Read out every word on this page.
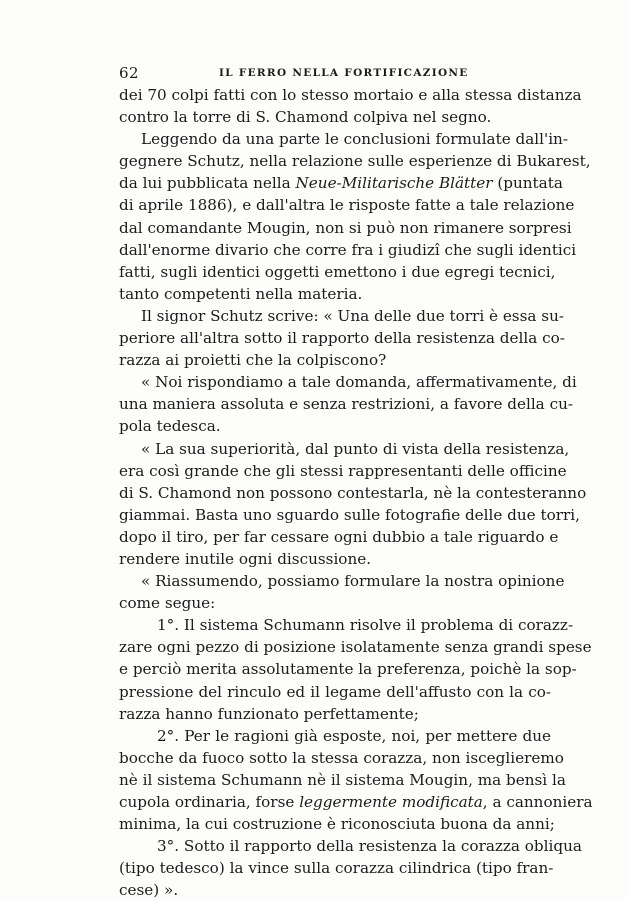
62	IL FERRO NELLA FORTIFICAZIONE
dei 70 colpi fatti con lo stesso mortaio e alla stessa distanza
contro la torre di S. Chamond colpiva nel segno.
Leggendo da una parte le conclusioni formulate dall'in-
gegnere Schutz, nella relazione sulle esperienze di Bukarest,
da lui pubblicata nella Neue-Militarische Blätter (puntata
di aprile 1886), e dall'altra le risposte fatte a tale relazione
dal comandante Mougin, non si può non rimanere sorpresi
dall'enorme divario che corre fra i giudizî che sugli identici
fatti, sugli identici oggetti emettono i due egregi tecnici,
tanto competenti nella materia.
Il signor Schutz scrive: « Una delle due torri è essa su-
periore all'altra sotto il rapporto della resistenza della co-
razza ai proietti che la colpiscono?
« Noi rispondiamo a tale domanda, affermativamente, di
una maniera assoluta e senza restrizioni, a favore della cu-
pola tedesca.
« La sua superiorità, dal punto di vista della resistenza,
era così grande che gli stessi rappresentanti delle officine
di S. Chamond non possono contestarla, nè la contesteranno
giammai. Basta uno sguardo sulle fotografie delle due torri,
dopo il tiro, per far cessare ogni dubbio a tale riguardo e
rendere inutile ogni discussione.
« Riassumendo, possiamo formulare la nostra opinione
come segue:
1°. Il sistema Schumann risolve il problema di corazz-
zare ogni pezzo di posizione isolatamente senza grandi spese
e perciò merita assolutamente la preferenza, poichè la sop-
pressione del rinculo ed il legame dell'affusto con la co-
razza hanno funzionato perfettamente;
2°. Per le ragioni già esposte, noi, per mettere due
bocche da fuoco sotto la stessa corazza, non isceglieremo
nè il sistema Schumann nè il sistema Mougin, ma bensì la
cupola ordinaria, forse leggermente modificata, a cannoniera
minima, la cui costruzione è riconosciuta buona da anni;
3°. Sotto il rapporto della resistenza la corazza obliqua
(tipo tedesco) la vince sulla corazza cilindrica (tipo fran-
cese) ».
